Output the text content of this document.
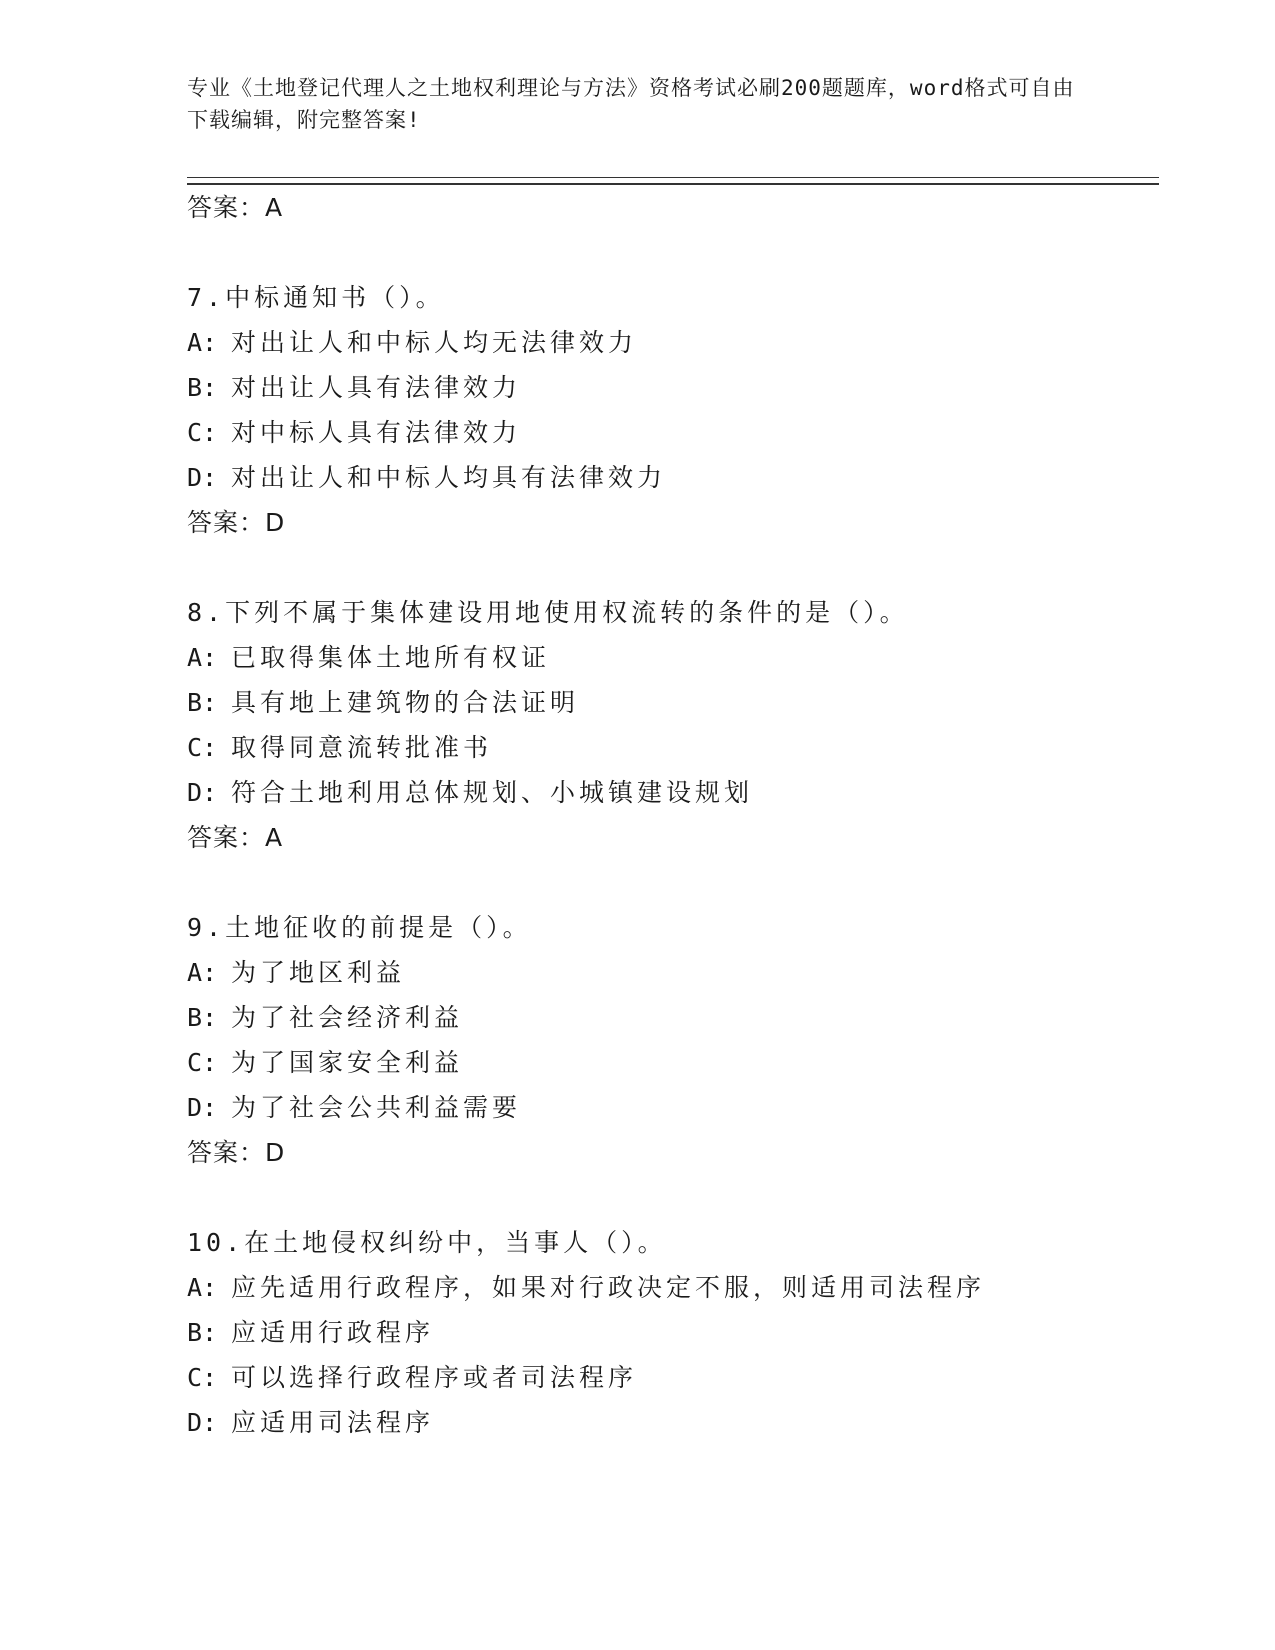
专业《土地登记代理人之土地权利理论与方法》资格考试必刷200题题库，word格式可自由下载编辑，附完整答案!
答案：A
7.中标通知书（）。
A: 对出让人和中标人均无法律效力
B: 对出让人具有法律效力
C: 对中标人具有法律效力
D: 对出让人和中标人均具有法律效力
答案：D
8.下列不属于集体建设用地使用权流转的条件的是（）。
A: 已取得集体土地所有权证
B: 具有地上建筑物的合法证明
C: 取得同意流转批准书
D: 符合土地利用总体规划、小城镇建设规划
答案：A
9.土地征收的前提是（）。
A: 为了地区利益
B: 为了社会经济利益
C: 为了国家安全利益
D: 为了社会公共利益需要
答案：D
10.在土地侵权纠纷中，当事人（）。
A: 应先适用行政程序，如果对行政决定不服，则适用司法程序
B: 应适用行政程序
C: 可以选择行政程序或者司法程序
D: 应适用司法程序
